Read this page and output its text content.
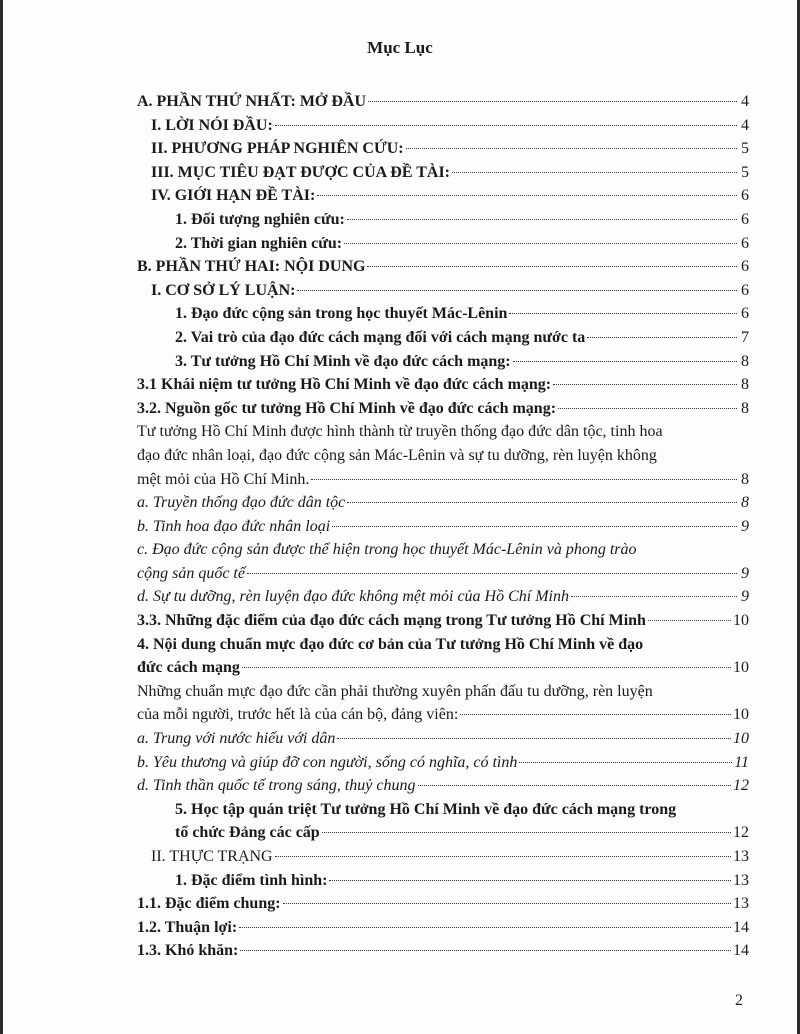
Mục Lục
A. PHẦN THỨ NHẤT: MỞ ĐẦU	4
I. LỜI NÓI ĐẦU:	4
II. PHƯƠNG PHÁP NGHIÊN CỨU:	5
III. MỤC TIÊU ĐẠT ĐƯỢC CỦA ĐỀ TÀI:	5
IV. GIỚI HẠN ĐỀ TÀI:	6
1. Đối tượng nghiên cứu:	6
2. Thời gian nghiên cứu:	6
B. PHẦN THỨ HAI: NỘI DUNG	6
I. CƠ SỞ LÝ LUẬN:	6
1. Đạo đức cộng sản trong học thuyết Mác-Lênin	6
2. Vai trò của đạo đức cách mạng đối với cách mạng nước ta	7
3. Tư tưởng Hồ Chí Minh về đạo đức cách mạng:	8
3.1 Khái niệm tư tưởng Hồ Chí Minh về đạo đức cách mạng:	8
3.2. Nguồn gốc tư tưởng Hồ Chí Minh về đạo đức cách mạng:	8
Tư tưởng Hồ Chí Minh được hình thành từ truyền thống đạo đức dân tộc, tinh hoa
đạo đức nhân loại, đạo đức cộng sản Mác-Lênin và sự tu dưỡng, rèn luyện không
mệt mỏi của Hồ Chí Minh.	8
a. Truyền thống đạo đức dân tộc	8
b. Tinh hoa đạo đức nhân loại	9
c. Đạo đức cộng sản được thể hiện trong học thuyết Mác-Lênin và phong trào
cộng sản quốc tế	9
d. Sự tu dưỡng, rèn luyện đạo đức không mệt mỏi của Hồ Chí Minh	9
3.3. Những đặc điểm của đạo đức cách mạng trong Tư tưởng Hồ Chí Minh	10
4. Nội dung chuẩn mực đạo đức cơ bản của Tư tưởng Hồ Chí Minh về đạo
đức cách mạng	10
Những chuẩn mực đạo đức cần phải thường xuyên phấn đấu tu dưỡng, rèn luyện
của mỗi người, trước hết là của cán bộ, đảng viên:	10
a. Trung với nước hiếu với dân	10
b. Yêu thương và giúp đỡ con người, sống có nghĩa, có tình	11
d. Tinh thần quốc tế trong sáng, thuỷ chung	12
5. Học tập quán triệt Tư tưởng Hồ Chí Minh về đạo đức cách mạng trong
tổ chức Đảng các cấp	12
II. THỰC TRẠNG	13
1. Đặc điểm tình hình:	13
1.1. Đặc điểm chung:	13
1.2. Thuận lợi:	14
1.3. Khó khăn:	14
2
